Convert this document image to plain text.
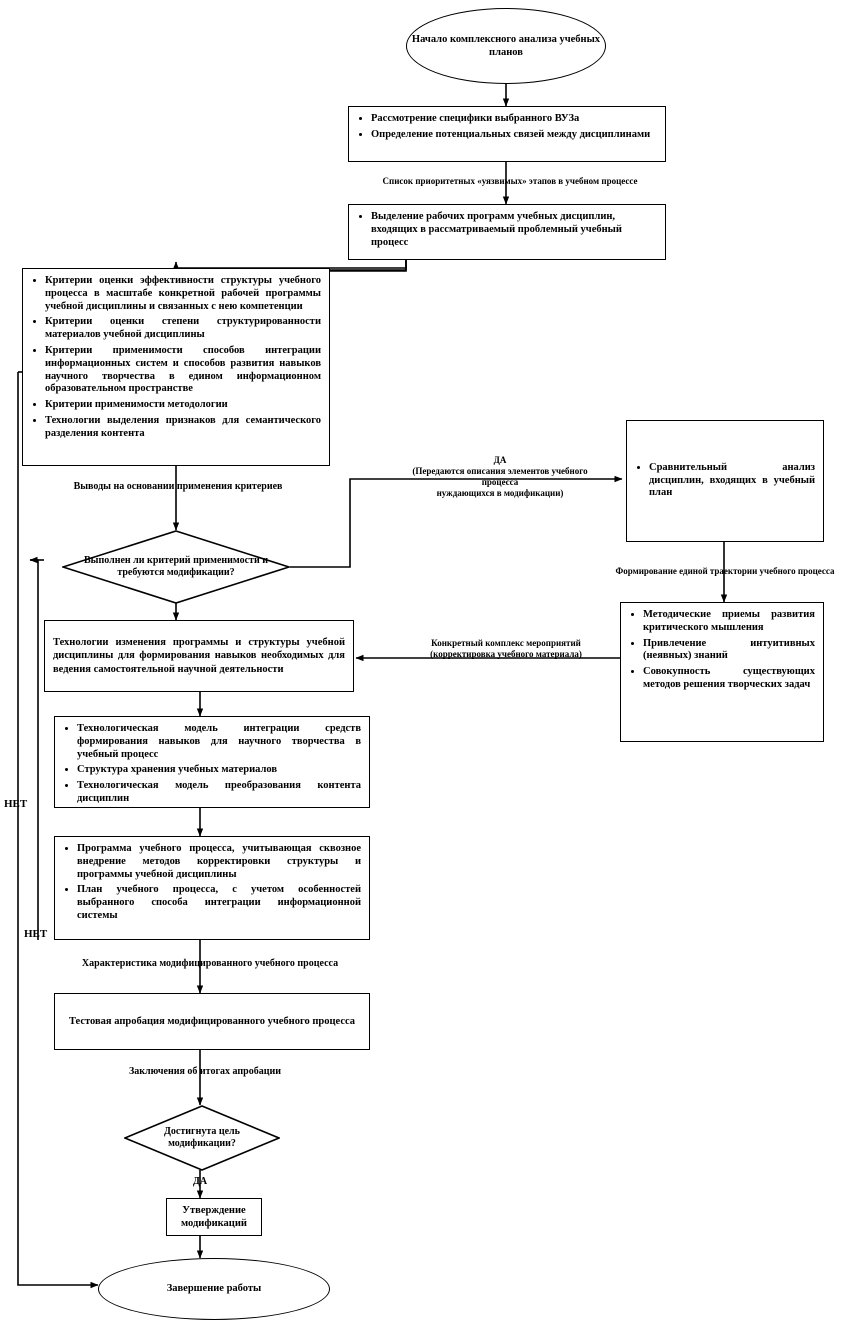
Начало комплексного анализа учебных планов
• Рассмотрение специфики выбранного ВУЗа
• Определение потенциальных связей между дисциплинами
Список приоритетных «уязвимых» этапов в учебном процессе
• Выделение рабочих программ учебных дисциплин, входящих в рассматриваемый проблемный учебный процесс
• Критерии оценки эффективности структуры учебного процесса в масштабе конкретной рабочей программы учебной дисциплины и связанных с нею компетенции
• Критерии оценки степени структурированности материалов учебной дисциплины
• Критерии применимости способов интеграции информационных систем и способов развития навыков научного творчества в едином информационном образовательном пространстве
• Критерии применимости методологии
• Технологии выделения признаков для семантического разделения контента
Выводы на основании применения критериев
Выполнен ли критерий применимости и требуются модификации?
ДА
(Передаются описания элементов учебного процесса
нуждающихся в модификации)
• Сравнительный анализ дисциплин, входящих в учебный план
Формирование единой траектории учебного процесса
• Методические приемы развития критического мышления
• Привлечение интуитивных (неявных) знаний
• Совокупность существующих методов решения творческих задач
Конкретный комплекс мероприятий
(корректировка учебного материала)
Технологии изменения программы и структуры учебной дисциплины для формирования навыков необходимых для ведения самостоятельной научной деятельности
• Технологическая модель интеграции средств формирования навыков для научного творчества в учебный процесс
• Структура хранения учебных материалов
• Технологическая модель преобразования контента дисциплин
• Программа учебного процесса, учитывающая сквозное внедрение методов корректировки структуры и программы учебной дисциплины
• План учебного процесса, с учетом особенностей выбранного способа интеграции информационной системы
Характеристика модифицированного учебного процесса
Тестовая апробация модифицированного учебного процесса
Заключения об итогах апробации
Достигнута цель модификации?
ДА
Утверждение модификаций
Завершение работы
НЕТ
НЕТ
